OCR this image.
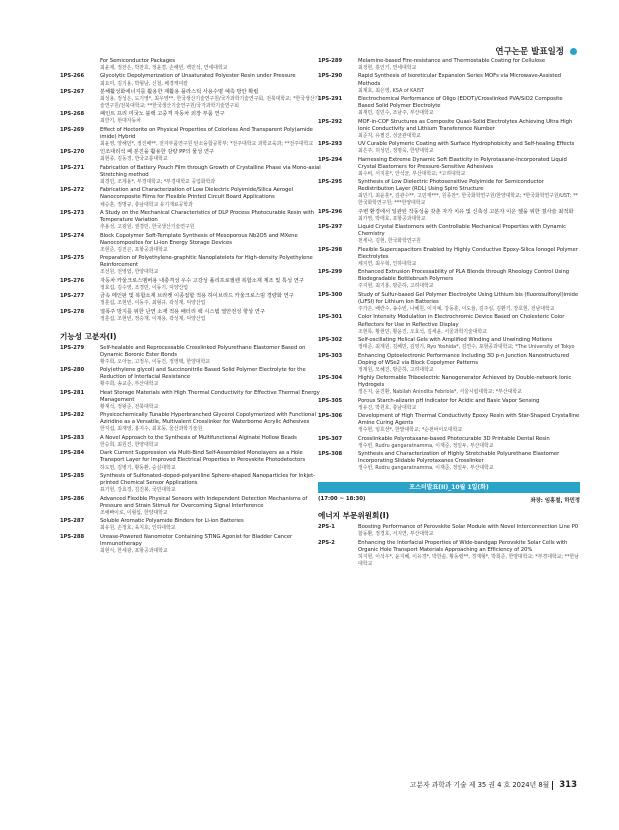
연구논문 발표일정
For Semiconductor Packages
최윤제, 정찬은, 박찬호, 정윤경, 손해빈, 백민석, 연세대학교
1PS-266	Glycolytic Depolymerization of Unsaturated Polyester Resin under Pressure
최요미, 김기용, 박형남, 신철, 배경케미칼
1PS-267	분해활성화에너지를 활용한 재활용 플라스틱 사용수명 예측 방안 확립
최성용, 정성은, 도기영*, 최우영**, 한국생산기술연구원/국가과학기술연구회, 전북대학교; *한국생산기술연구원/전북대학교; **한국생산기술연구원/국가과학기술연구회
1PS-268	폐인트 프리 미국노 블랙 고중격 자동차 외장 부품 연구
최한기, 현대자동차
1PS-269	Effect of Hectorite on Physical Properties of Colorless And Transparent Poly(amide imide) Hybrid
최윤영, 양해민*, 정진배**, 전자부품연구원 탄소융합공학부; *전주대학교 과학교육과; **전주대학교
1PS-270	인조대리석 폐 분진을 활용한 감량 PP의 물성 연구
최현종, 김동경, 한국교통대학교
1PS-271	Fabrication of Battery Pouch Film through Growth of Crystalline Phase via Mono-axial Stretching method
최경민, 조제용*, 부경대학교; *부경대학교 공업화학과
1PS-272	Fabrication and Characterization of Low Dielectric Polyimide/Silica Aerogel Nanocomposite Films for Flexible Printed Circuit Board Applications
채승훈, 정명규, 충남대학교 유기재료공학과
1PS-273	A Study on the Mechanical Characteristics of DLP Process Photocurable Resin with Temperature Variation
추용성, 고광원, 권경민, 한국생산기술연구원
1PS-274	Block Copolymer Soft-Template Synthesis of Mesoporous Nb2O5 and MXene Nanocomposites for Li-ion Energy Storage Devices
조현준, 김진곤, 포항공과대학교
1PS-275	Preparation of Polyethylene-graphitic Nanoplatelets for High-density Polyethylene Reinforcement
조선원, 전영엽, 한양대학교
1PS-276	자동차 카울크로스멤버용 내충격성 우수 고강성 폴리프로필렌 복합소재 제조 및 특성 연구
정효섭, 김수영, 조경민, 이동기, 덕양산업
1PS-277	금속 메인판 및 복합소재 브라켓 이종접합 적용 하이브리드 카울크로스빔 경량화 연구
정훈섭, 조현빈, 이동주, 최형규, 곽성계, 덕양산업
1PS-278	열폭주 방지를 위한 난연 소재 적용 배터리 팩 시스템 열안전성 향상 연구
정훈섭, 조현빈, 정승재, 이재용, 곽성계, 덕양산업
기능성 고분자(I)
1PS-279	Self-healable and Reprocessable Crosslinked Polyurethane Elastomer Based on Dynamic Boronic Ester Bonds
황주희, 오아늘, 고정우, 이동건, 정영택, 한양대학교
1PS-280	Poly(ethylene glycol) and Succinonitrile Based Solid Polymer Electrolyte for the Reduction of Interfacial Resistance
황주희, 송교준, 부산대학교
1PS-281	Heat Storage Materials with High Thermal Conductivity for Effective Thermal Energy Management
황재석, 정왕준, 전북대학교
1PS-282	Physicochemically Tunable Hyperbranched Glycerol Copolymerized with Functional Aziridine as a Versatile, Multivalent Crosslinker for Waterborne Acrylic Adhesives
한지섭, 최재영, 홍지수, 최호동, 울산과학기술원
1PS-283	A Novel Approach to the Synthesis of Multifunctional Alginate Hollow Beads
한승희, 최원진, 한양대학교
1PS-284	Dark Current Suppression via Multi-Bind Self-Assembled Monolayers as a Hole Transport Layer for Improved Electrical Properties in Perovskite Photodetectors
하도헌, 김병기, 황동환, 숭실대학교
1PS-285	Synthesis of Sulfonated-doped-polyaniline Sphere-shaped Nanoparticles for Inkjet-printed Chemical Sensor Applications
표기현, 강효경, 김진봉, 국민대학교
1PS-286	Advanced Flexible Physical Sensors with Independent Detection Mechanisms of Pressure and Strain Stimuli for Overcoming Signal Interference
조예빠이로, 이형섭, 한양대학교
1PS-287	Soluble Aromatic Polyamide Binders for Li-ion Batteries
최유원, 손정호, 육지호, 인하대학교
1PS-288	Urease-Powered Nanomotor Containing STING Agonist for Bladder Cancer Immunotherapy
최현식, 한세광, 포항공과대학교
1PS-289	Melamine-based Fire-resistance and Thermostable Coating for Cellulose
최정현, 홍인기, 연세대학교
1PS-290	Rapid Synthesis of Isoreticular Expansion Series MOFs via Microwave-Assisted Methods
최제호, 최은영, KSA of KAIST
1PS-291	Electrochemical Performance of Oligo (EDOT)/Crosslinked PVA/SiO2 Composite Based Solid Polymer Electrolyte
최재민, 김민수, 조남주, 부산대학교
1PS-292	MOF-in-COF Structures as Composite Quasi-Solid Electrolytes Achieving Ultra High Ionic Conductivity and Lithium Transference Number
최준지, 유필진, 성균관대학교
1PS-293	UV Curable Polymeric Coating with Surface Hydrophobicity and Self-healing Effects
최은주, 허성민, 정명욱, 한양대학교
1PS-294	Harnessing Extreme Dynamic Soft Elasticity in Polyrotaxane-Incorporated Liquid Crystal Elastomers for Pressure-Sensitive Adhesives
최수비, 서지훈*, 안석균, 부산대학교; *고려대학교
1PS-295	Synthesis of Low Dielectric Photosensitive Polyimide for Semiconductor Redistribution Layer (RDL) Using Spiro Structure
최민기, 최윤훈*, 김관수**, 고민재***, 원종찬*, 한국화학연구원/한양대학교; *한국화학연구원/UST; **한국화학연구원; ***한양대학교
1PS-296	주변 환경에서 일관된 작동성을 갖춘 자가 치유 및 신축성 고분자 이온 젤을 위한 결사슬 최적화
최가영, 박태호, 포항공과대학교
1PS-297	Liquid Crystal Elastomers with Controllable Mechanical Properties with Dynamic Chemistry
천세나, 김현, 한국화학연구원
1PS-298	Flexible Supercapacitors Enabled by Highly Conductive Epoxy-Silica Ionogel Polymer Electrolytes
채지연, 최우혁, 인하대학교
1PS-299	Enhanced Extrusion Processability of PLA Blends through Rheology Control Using Biodegradable Bottlebrush Polymers
주지현, 최기홍, 방준하, 고려대학교
1PS-300	Study of Sulfur-based Gel Polymer Electrolyte Using Lithium bis (fluorosulfonyl)imide (LiFSI) for Lithium Ion Batteries
주가은, 배란수, 송수빈, 나혜원, 이지예, 강동훈, 이도율, 김주심, 김환기, 장호현, 전남대학교
1PS-301	Color Intensity Modulation in Electrochromic Device Based on Cholesteric Color Reflectors for Use in Reflective Display
조현록, 황현민, 황윤진, 오효석, 김세윤, 서울과학기술대학교
1PS-302	Self-oscillating Helical Gels with Amplified Winding and Unwinding Motions
정태준, 최재원, 김혜민, 김영기, Ryo Yoshida*, 김연수, 포항공과대학교; *The University of Tokyo
1PS-303	Enhancing Optoelectronic Performance Including 3D p-n Junction Nanostructured Doping of WSe2 via Block Copolymer Patterns
정재원, 모혜진, 방준하, 고려대학교
1PS-304	Highly Deformable Triboelectric Nanogenerator Achieved by Double-network Ionic Hydrogels
정은지, 윤진환, Nabilah Anindita Febriola*, 서울시립대학교; *부산대학교
1PS-305	Porous Starch-alizarin pH Indicator for Acidic and Basic Vapor Sensing
정유진, 박원호, 충남대학교
1PS-306	Development of High Thermal Conductivity Epoxy Resin with Star-Shaped Crystalline Amine Curing Agents
정수현, 임호선*, 한밭대학교; *순천바이오대학교
1PS-307	Crosslinkable Polyrotaxane-based Photocurable 3D Printable Dental Resin
정수빈, Rudru gangaratnamma, 이재준, 정일두, 부산대학교
1PS-308	Synthesis and Characterization of Highly Stretchable Polyurethane Elastomer Incorporating Slidable Polyrotaxanes Crosslinker
정수빈, Rudru gangaratnamma, 이재준, 정일두, 부산대학교
포스터발표(II)_10월 1일(화)
(17:00 ~ 18:30)	좌장: 임홍철, 하민정
에너지 부문위원회(I)
2PS-1	Boosting Performance of Perovskite Solar Module with Novel Interconnection Line P0
함동환, 정경호, 서지연, 부산대학교
2PS-2	Enhancing the Interfacial Properties of Wide-bandgap Perovskite Solar Cells with Organic Hole Transport Materials Approaching an Efficiency of 20%
허지현, 이석우*, 윤지혜, 이유경*, 박한솔, 황동렬**, 경재형*, 박희준, 한양대학교; *부경대학교; **한남대학교
고분자 과학과 기술 제 35 권 4 호 2024년 8월 313
